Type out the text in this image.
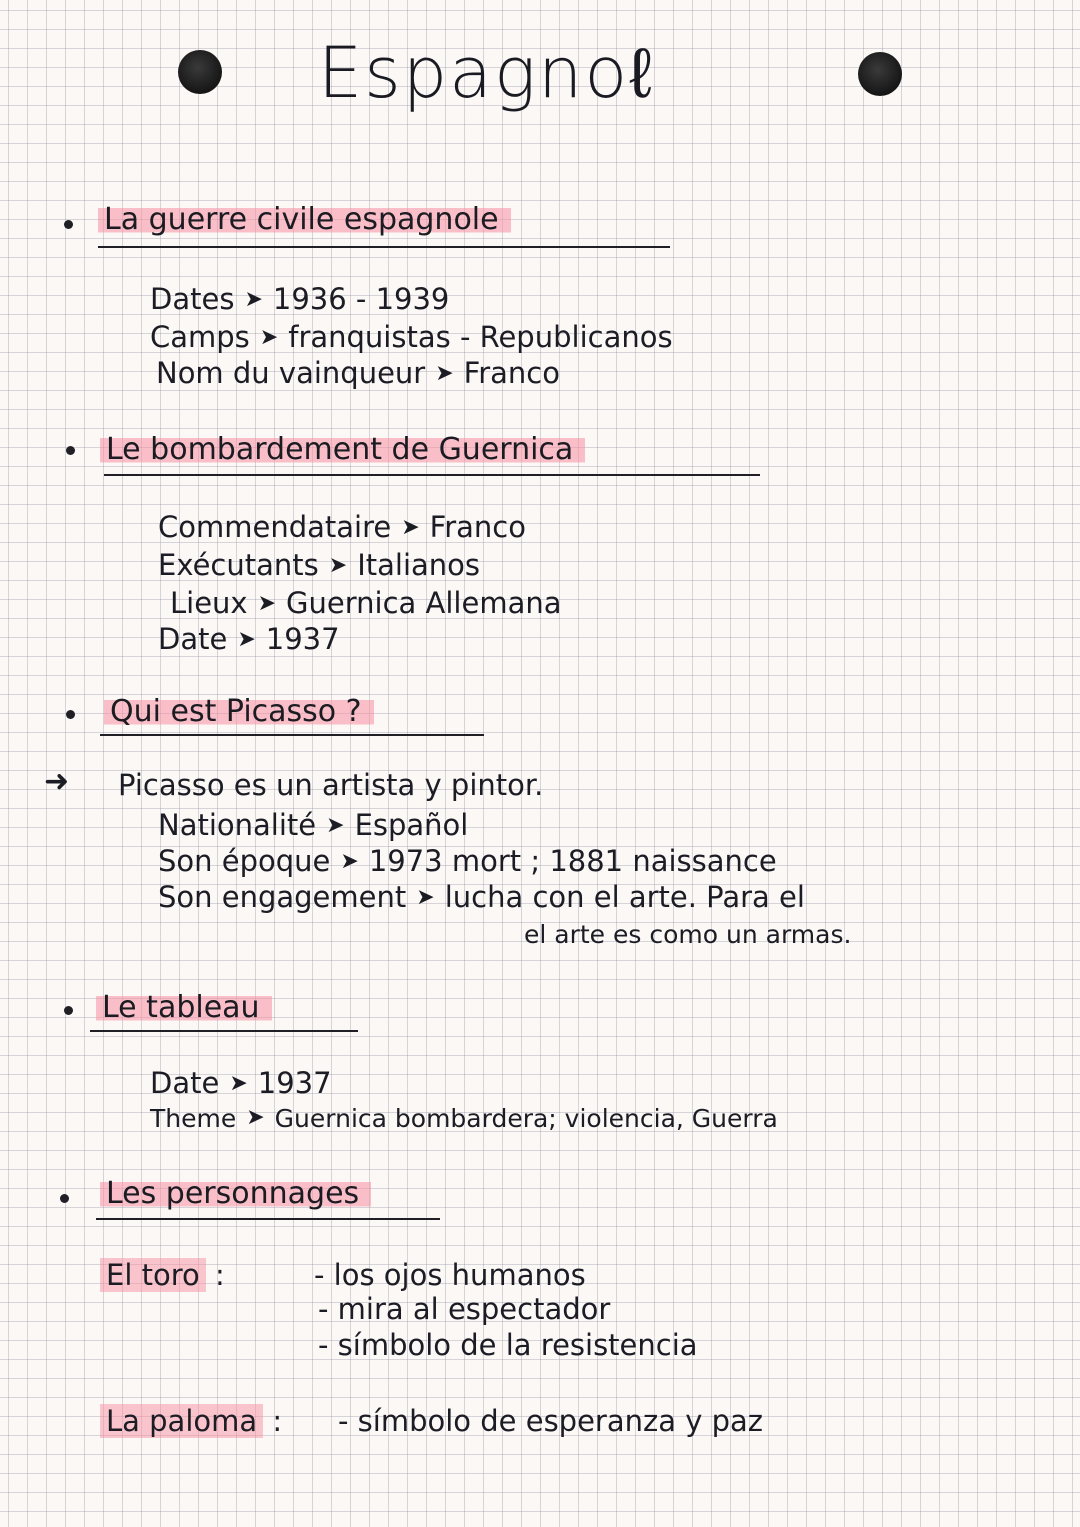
Espagnoℓ
La guerre civile espagnole
Dates ➤ 1936 - 1939
Camps ➤ franquistas - Republicanos
Nom du vainqueur ➤ Franco
Le bombardement de Guernica
Commendataire ➤ Franco
Exécutants ➤ Italianos
Lieux ➤ Guernica Allemana
Date ➤ 1937
Qui est Picasso ?
➜ Picasso es un artista y pintor.
Nationalité ➤ Español
Son époque ➤ 1973 mort ; 1881 naissance
Son engagement ➤ lucha con el arte. Para el
el arte es como un armas.
Le tableau
Date ➤ 1937
Theme ➤ Guernica bombardera; violencia, Guerra
Les personnages
El toro :	- los ojos humanos
- mira al espectador
- símbolo de la resistencia
La paloma : - símbolo de esperanza y paz
